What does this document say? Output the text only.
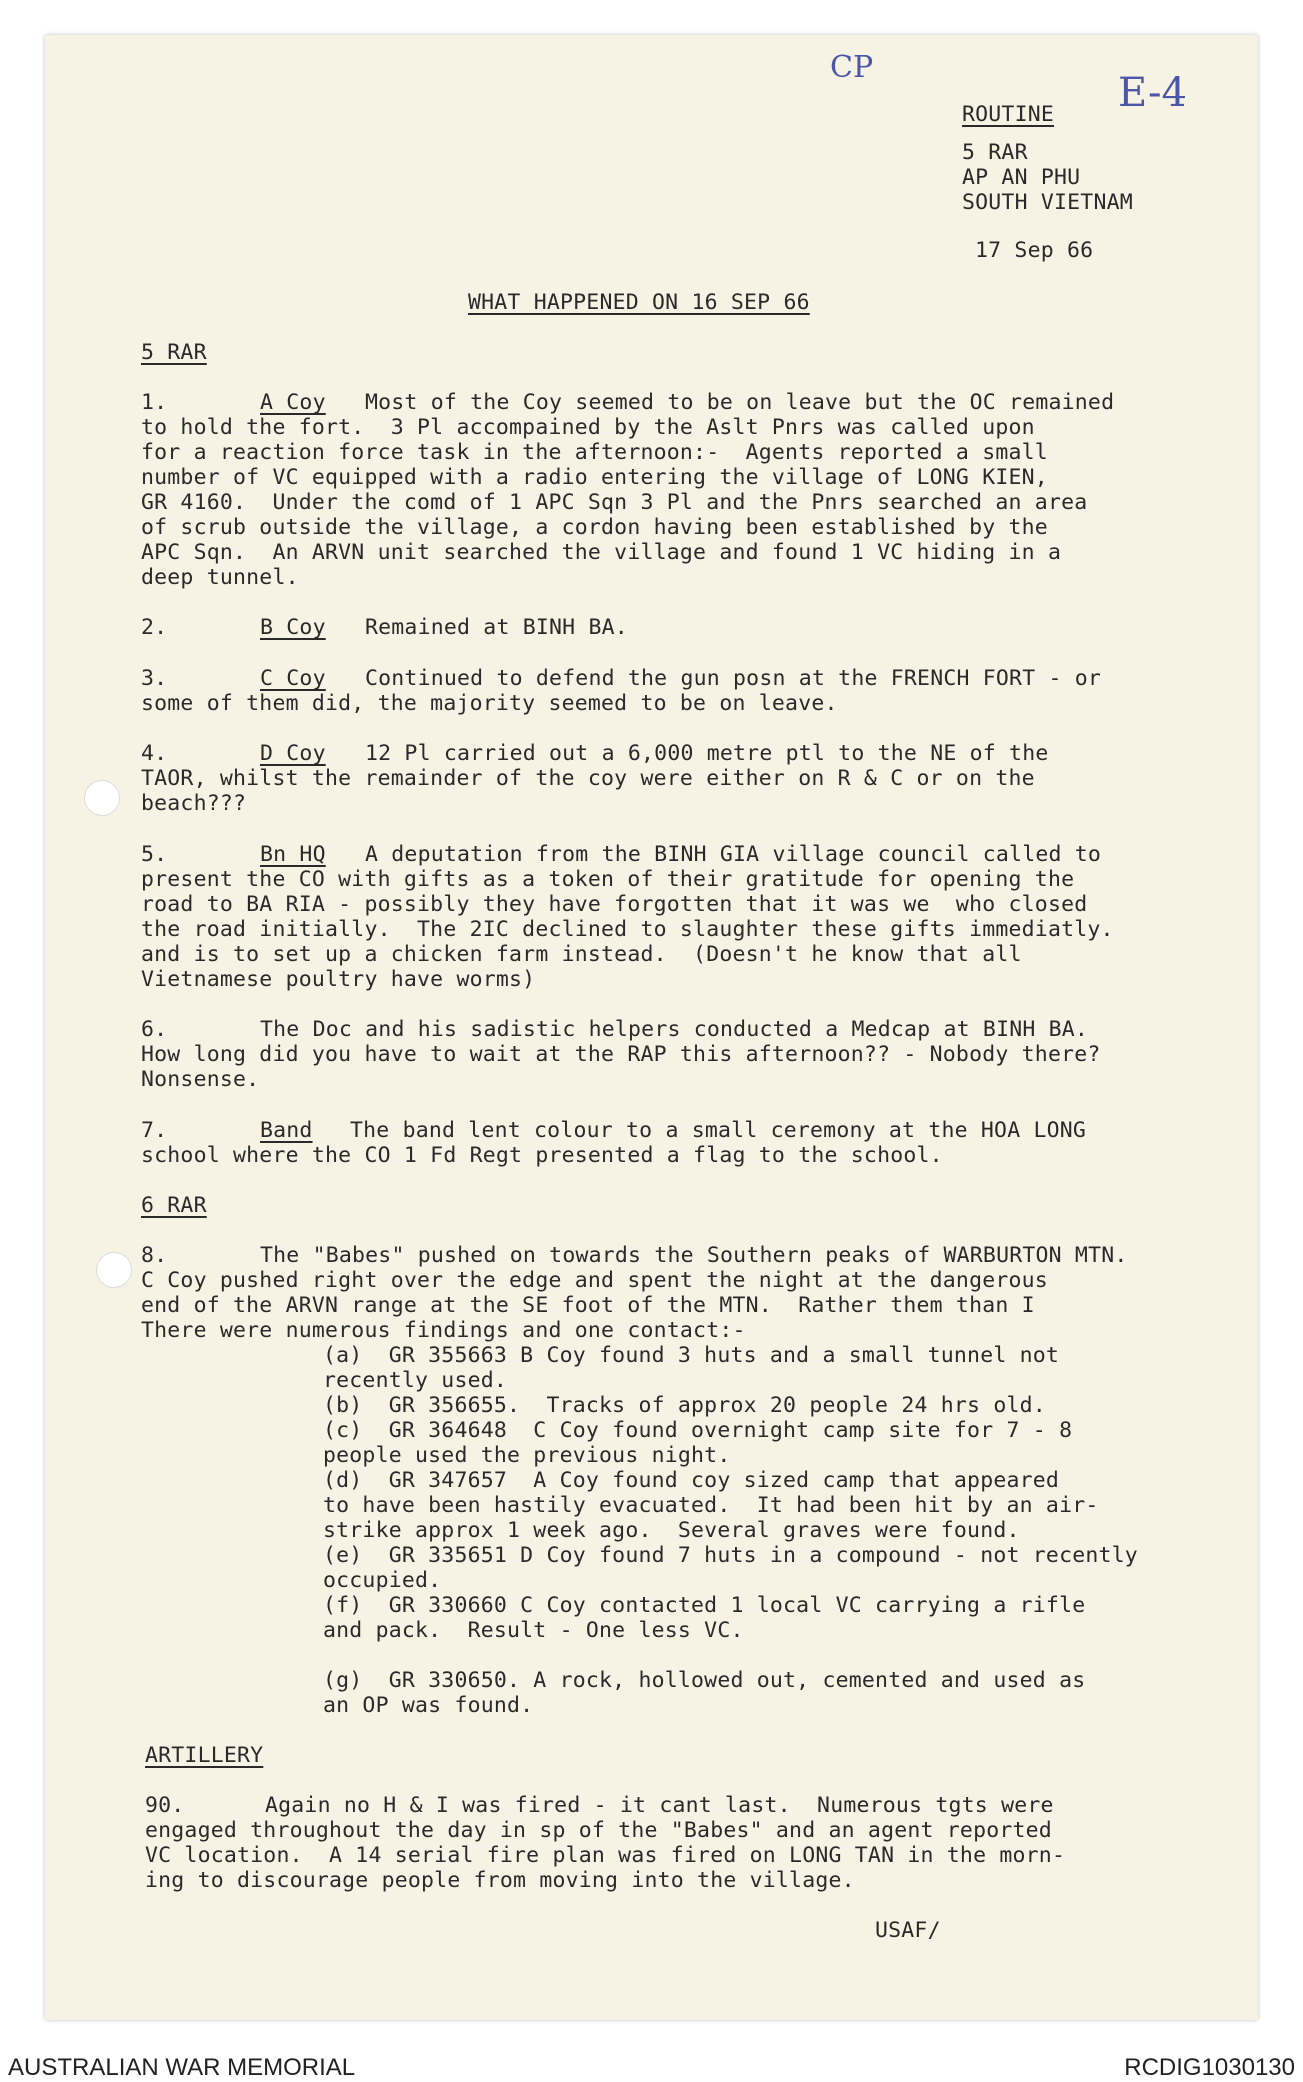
CP
E-4
ROUTINE
5 RAR
AP AN PHU
SOUTH VIETNAM
17 Sep 66
WHAT HAPPENED ON 16 SEP 66
5 RAR
1.	A Coy Most of the Coy seemed to be on leave but the OC remained
to hold the fort.  3 Pl accompained by the Aslt Pnrs was called upon
for a reaction force task in the afternoon:-  Agents reported a small
number of VC equipped with a radio entering the village of LONG KIEN,
GR 4160.  Under the comd of 1 APC Sqn 3 Pl and the Pnrs searched an area
of scrub outside the village, a cordon having been established by the
APC Sqn.  An ARVN unit searched the village and found 1 VC hiding in a
deep tunnel.
2.	B Coy Remained at BINH BA.
3.	C Coy Continued to defend the gun posn at the FRENCH FORT - or
some of them did, the majority seemed to be on leave.
4.	D Coy 12 Pl carried out a 6,000 metre ptl to the NE of the
TAOR, whilst the remainder of the coy were either on R & C or on the
beach???
5.	Bn HQ A deputation from the BINH GIA village council called to
present the CO with gifts as a token of their gratitude for opening the
road to BA RIA - possibly they have forgotten that it was we  who closed
the road initially.  The 2IC declined to slaughter these gifts immediatly.
and is to set up a chicken farm instead.  (Doesn't he know that all
Vietnamese poultry have worms)
6.	The Doc and his sadistic helpers conducted a Medcap at BINH BA.
How long did you have to wait at the RAP this afternoon?? - Nobody there?
Nonsense.
7.	Band The band lent colour to a small ceremony at the HOA LONG
school where the CO 1 Fd Regt presented a flag to the school.
6 RAR
8.	The "Babes" pushed on towards the Southern peaks of WARBURTON MTN.
C Coy pushed right over the edge and spent the night at the dangerous
end of the ARVN range at the SE foot of the MTN.  Rather them than I
There were numerous findings and one contact:-
(a)  GR 355663 B Coy found 3 huts and a small tunnel not
recently used.
(b)  GR 356655.  Tracks of approx 20 people 24 hrs old.
(c)  GR 364648  C Coy found overnight camp site for 7 - 8
people used the previous night.
(d)  GR 347657  A Coy found coy sized camp that appeared
to have been hastily evacuated.  It had been hit by an air-
strike approx 1 week ago.  Several graves were found.
(e)  GR 335651 D Coy found 7 huts in a compound - not recently
occupied.
(f)  GR 330660 C Coy contacted 1 local VC carrying a rifle
and pack.  Result - One less VC.
(g)  GR 330650. A rock, hollowed out, cemented and used as
an OP was found.
ARTILLERY
90.	Again no H & I was fired - it cant last.  Numerous tgts were
engaged throughout the day in sp of the "Babes" and an agent reported
VC location.  A 14 serial fire plan was fired on LONG TAN in the morn-
ing to discourage people from moving into the village.
USAF/
AUSTRALIAN WAR MEMORIAL	RCDIG1030130
